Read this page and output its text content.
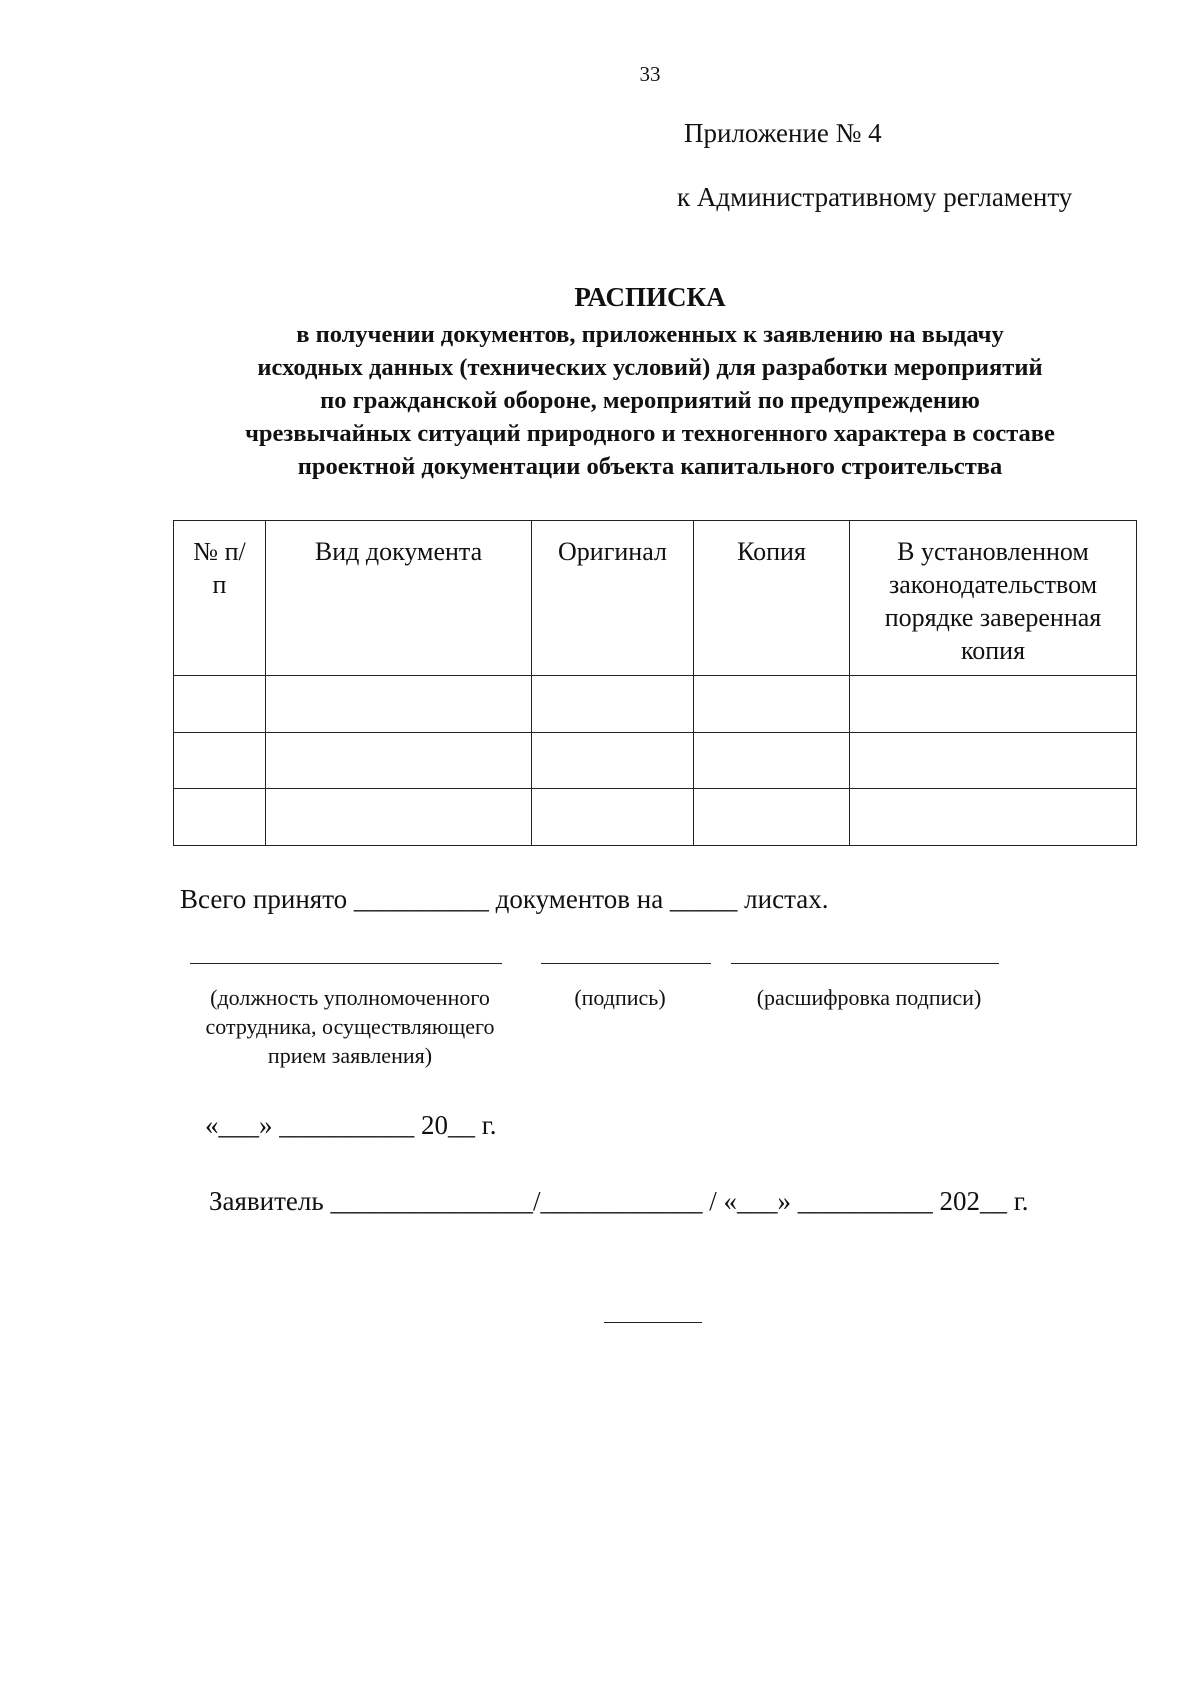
33
Приложение № 4
к Административному регламенту
РАСПИСКА
в получении документов, приложенных к заявлению на выдачу
исходных данных (технических условий) для разработки мероприятий
по гражданской обороне, мероприятий по предупреждению
чрезвычайных ситуаций природного и техногенного характера в составе
проектной документации объекта капитального строительства
№ п/п	Вид документа	Оригинал	Копия	В установленном законодательством порядке заверенная копия

Всего принято __________ документов на _____ листах.
(должность уполномоченного сотрудника, осуществляющего прием заявления)
(подпись)	(расшифровка подписи)
«___» __________ 20__ г.
Заявитель _______________/____________ / «___» __________ 202__ г.
